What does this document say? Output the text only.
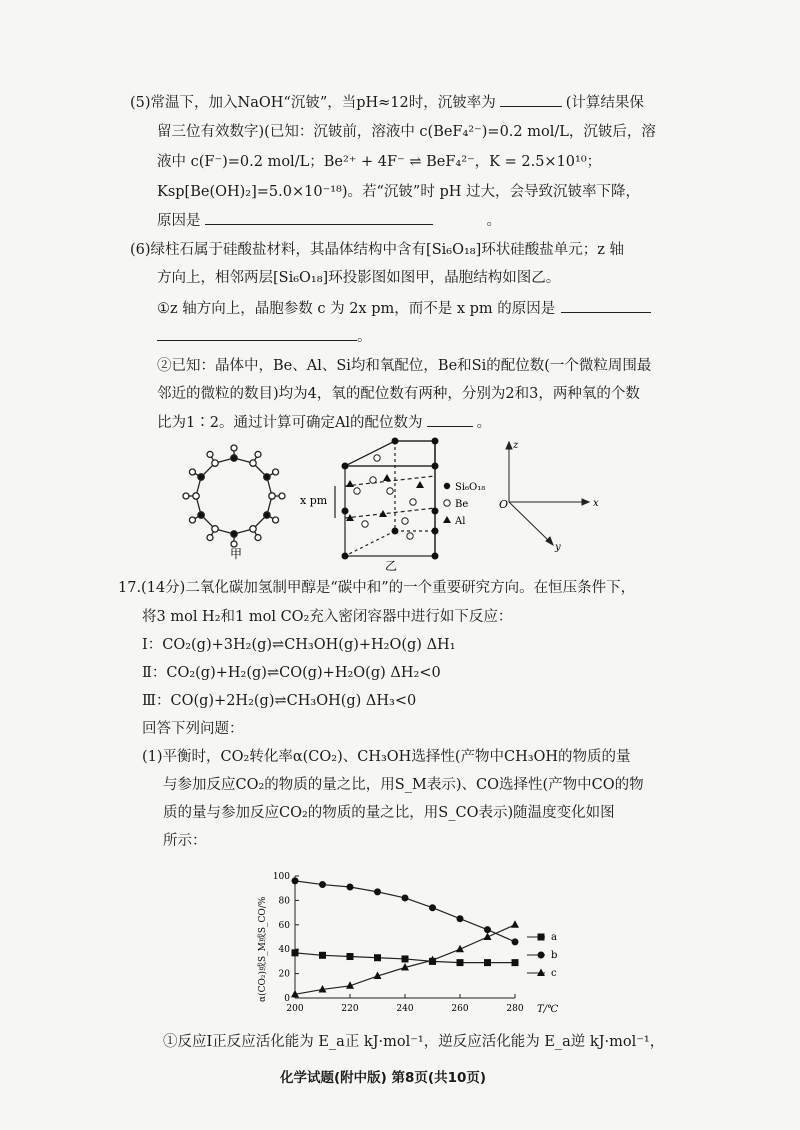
(5)常温下，加入NaOH“沉铍”，当pH≈12时，沉铍率为	(计算结果保
留三位有效数字)(已知：沉铍前，溶液中 c(BeF₄²⁻)=0.2 mol/L，沉铍后，溶
液中 c(F⁻)=0.2 mol/L；Be²⁺ + 4F⁻ ⇌ BeF₄²⁻，K = 2.5×10¹⁰；
Ksp[Be(OH)₂]=5.0×10⁻¹⁸)。若“沉铍”时 pH 过大，会导致沉铍率下降，
原因是	。
(6)绿柱石属于硅酸盐材料，其晶体结构中含有[Si₆O₁₈]环状硅酸盐单元；z 轴
方向上，相邻两层[Si₆O₁₈]环投影图如图甲，晶胞结构如图乙。
①z 轴方向上，晶胞参数 c 为 2x pm，而不是 x pm 的原因是
。
②已知：晶体中，Be、Al、Si均和氧配位，Be和Si的配位数(一个微粒周围最
邻近的微粒的数目)均为4，氧的配位数有两种，分别为2和3，两种氧的个数
比为1∶2。通过计算可确定Al的配位数为	。
甲
x pm
乙
Si₆O₁₈
Be
Al
z
x
y
O
17.(14分)二氧化碳加氢制甲醇是“碳中和”的一个重要研究方向。在恒压条件下，
将3 mol H₂和1 mol CO₂充入密闭容器中进行如下反应：
Ⅰ：CO₂(g)+3H₂(g)⇌CH₃OH(g)+H₂O(g) ΔH₁
Ⅱ：CO₂(g)+H₂(g)⇌CO(g)+H₂O(g) ΔH₂<0
Ⅲ：CO(g)+2H₂(g)⇌CH₃OH(g) ΔH₃<0
回答下列问题：
(1)平衡时，CO₂转化率α(CO₂)、CH₃OH选择性(产物中CH₃OH的物质的量
与参加反应CO₂的物质的量之比，用S_M表示)、CO选择性(产物中CO的物
质的量与参加反应CO₂的物质的量之比，用S_CO表示)随温度变化如图
所示：
α(CO₂)或S_M或S_CO/% 0
20
40
60
80
100
200	220	240	260	280
a
b
c
T/℃
①反应Ⅰ正反应活化能为 E_a正 kJ·mol⁻¹，逆反应活化能为 E_a逆 kJ·mol⁻¹，
化学试题(附中版) 第8页(共10页)
